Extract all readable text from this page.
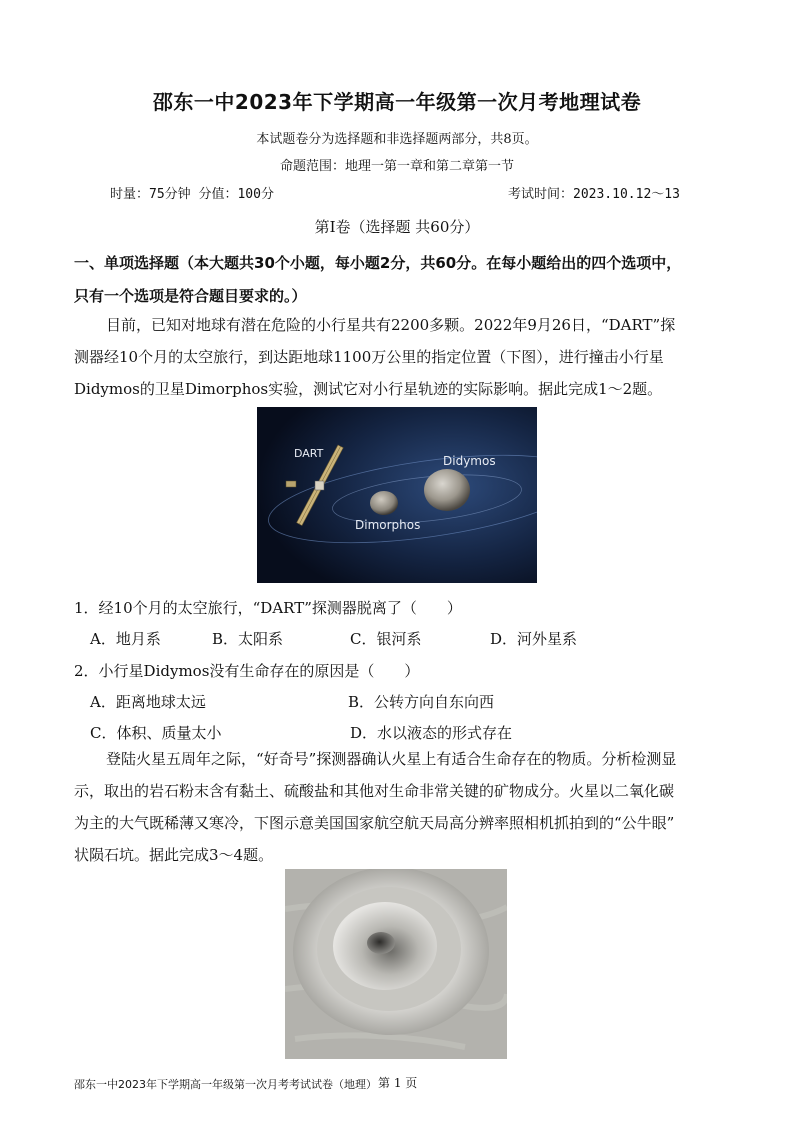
邵东一中2023年下学期高一年级第一次月考地理试卷
本试题卷分为选择题和非选择题两部分，共8页。
命题范围：地理一第一章和第二章第一节
时量：75分钟 分值：100分	考试时间：2023.10.12～13
第Ⅰ卷（选择题 共60分）
一、单项选择题（本大题共30个小题，每小题2分，共60分。在每小题给出的四个选项中，
只有一个选项是符合题目要求的。）
目前，已知对地球有潜在危险的小行星共有2200多颗。2022年9月26日，“DART”探
测器经10个月的太空旅行，到达距地球1100万公里的指定位置（下图），进行撞击小行星
Didymos的卫星Dimorphos实验，测试它对小行星轨迹的实际影响。据此完成1～2题。
DART
Didymos
Dimorphos
1．经10个月的太空旅行，“DART”探测器脱离了（　　）
A．地月系	B．太阳系	C．银河系	D．河外星系
2．小行星Didymos没有生命存在的原因是（　　）
A．距离地球太远	B．公转方向自东向西
C．体积、质量太小	D．水以液态的形式存在
登陆火星五周年之际，“好奇号”探测器确认火星上有适合生命存在的物质。分析检测显
示，取出的岩石粉末含有黏土、硫酸盐和其他对生命非常关键的矿物成分。火星以二氧化碳
为主的大气既稀薄又寒冷，下图示意美国国家航空航天局高分辨率照相机抓拍到的“公牛眼”
状陨石坑。据此完成3～4题。
邵东一中2023年下学期高一年级第一次月考考试试卷（地理） 第 1 页
